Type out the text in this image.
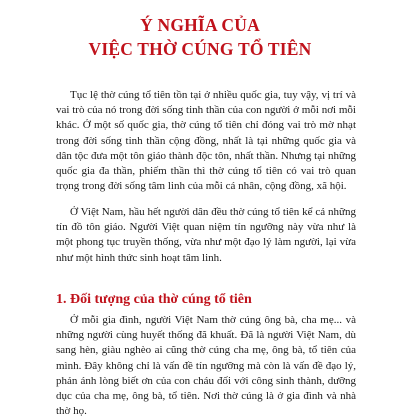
Ý NGHĨA CỦA
VIỆC THỜ CÚNG TỔ TIÊN

Tục lệ thờ cúng tổ tiên tồn tại ở nhiều quốc gia, tuy vậy, vị trí và vai trò của nó trong đời sống tinh thần của con người ở mỗi nơi mỗi khác. Ở một số quốc gia, thờ cúng tổ tiên chỉ đóng vai trò mờ nhạt trong đời sống tinh thần cộng đồng, nhất là tại những quốc gia và dân tộc đưa một tôn giáo thành độc tôn, nhất thần. Nhưng tại những quốc gia đa thần, phiếm thần thì thờ cúng tổ tiên có vai trò quan trọng trong đời sống tâm linh của mỗi cá nhân, cộng đồng, xã hội.

Ở Việt Nam, hầu hết người dân đều thờ cúng tổ tiên kể cả những tín đồ tôn giáo. Người Việt quan niệm tín ngưỡng này vừa như là một phong tục truyền thống, vừa như một đạo lý làm người, lại vừa như một hình thức sinh hoạt tâm linh.

1. Đối tượng của thờ cúng tổ tiên

Ở mỗi gia đình, người Việt Nam thờ cúng ông bà, cha mẹ... và những người cùng huyết thống đã khuất. Đã là người Việt Nam, dù sang hèn, giàu nghèo ai cũng thờ cúng cha mẹ, ông bà, tổ tiên của mình. Đây không chỉ là vấn đề tín ngưỡng mà còn là vấn đề đạo lý, phản ánh lòng biết ơn của con cháu đối với công sinh thành, dưỡng dục của cha mẹ, ông bà, tổ tiên. Nơi thờ cúng là ở gia đình và nhà thờ họ.
